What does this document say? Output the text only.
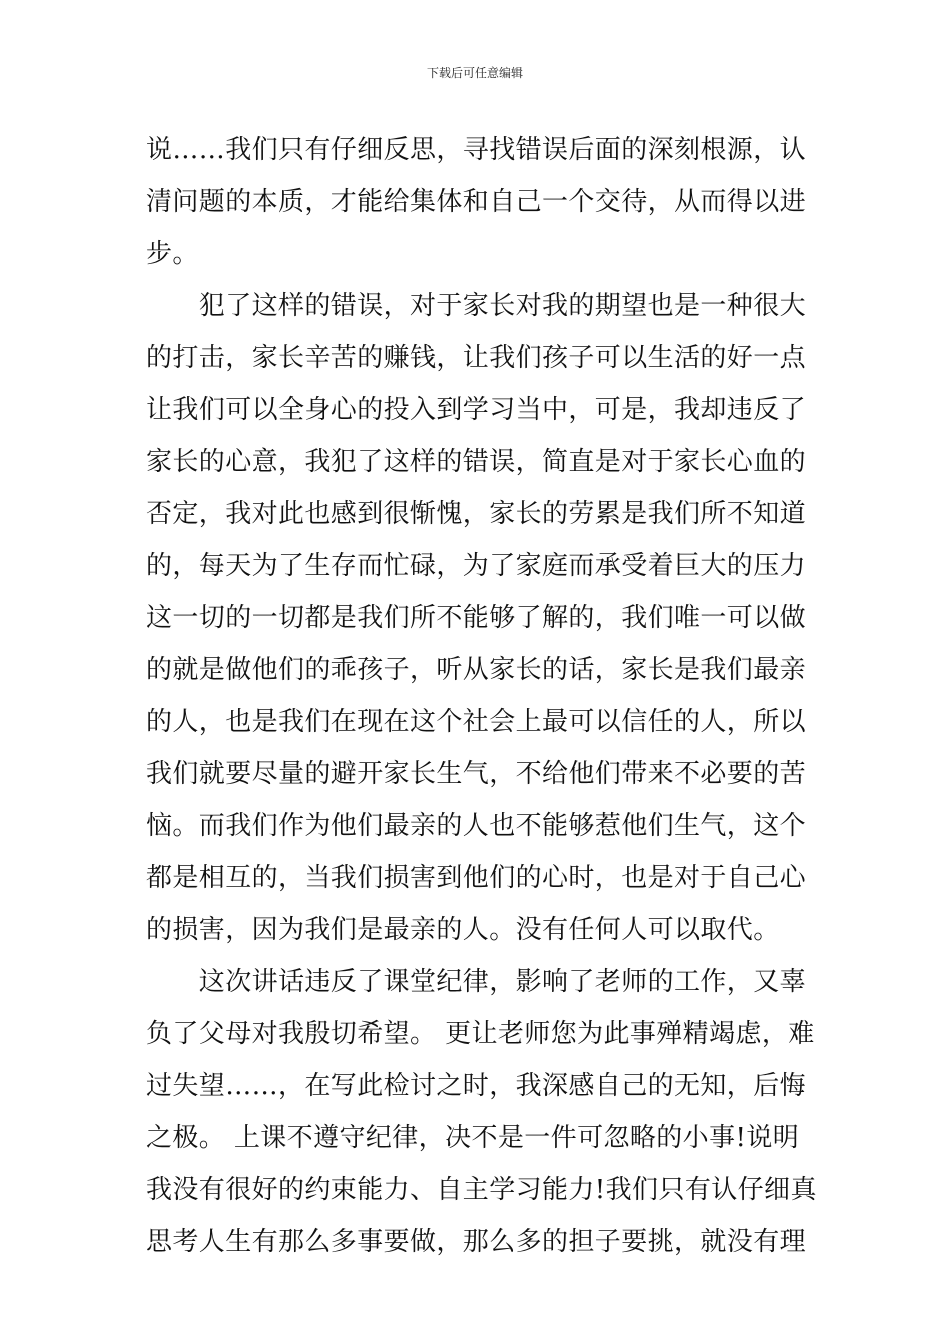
下载后可任意编辑
说……我们只有仔细反思，寻找错误后面的深刻根源，认
清问题的本质，才能给集体和自己一个交待，从而得以进
步。
　　犯了这样的错误，对于家长对我的期望也是一种很大
的打击，家长辛苦的赚钱，让我们孩子可以生活的好一点
让我们可以全身心的投入到学习当中，可是，我却违反了
家长的心意，我犯了这样的错误，简直是对于家长心血的
否定，我对此也感到很惭愧，家长的劳累是我们所不知道
的，每天为了生存而忙碌，为了家庭而承受着巨大的压力
这一切的一切都是我们所不能够了解的，我们唯一可以做
的就是做他们的乖孩子，听从家长的话，家长是我们最亲
的人，也是我们在现在这个社会上最可以信任的人，所以
我们就要尽量的避开家长生气，不给他们带来不必要的苦
恼。而我们作为他们最亲的人也不能够惹他们生气，这个
都是相互的，当我们损害到他们的心时，也是对于自己心
的损害，因为我们是最亲的人。没有任何人可以取代。
　　这次讲话违反了课堂纪律，影响了老师的工作，又辜
负了父母对我殷切希望。 更让老师您为此事殚精竭虑，难
过失望……，在写此检讨之时，我深感自己的无知，后悔
之极。 上课不遵守纪律，决不是一件可忽略的小事!说明
我没有很好的约束能力、自主学习能力!我们只有认仔细真
思考人生有那么多事要做，那么多的担子要挑，就没有理
